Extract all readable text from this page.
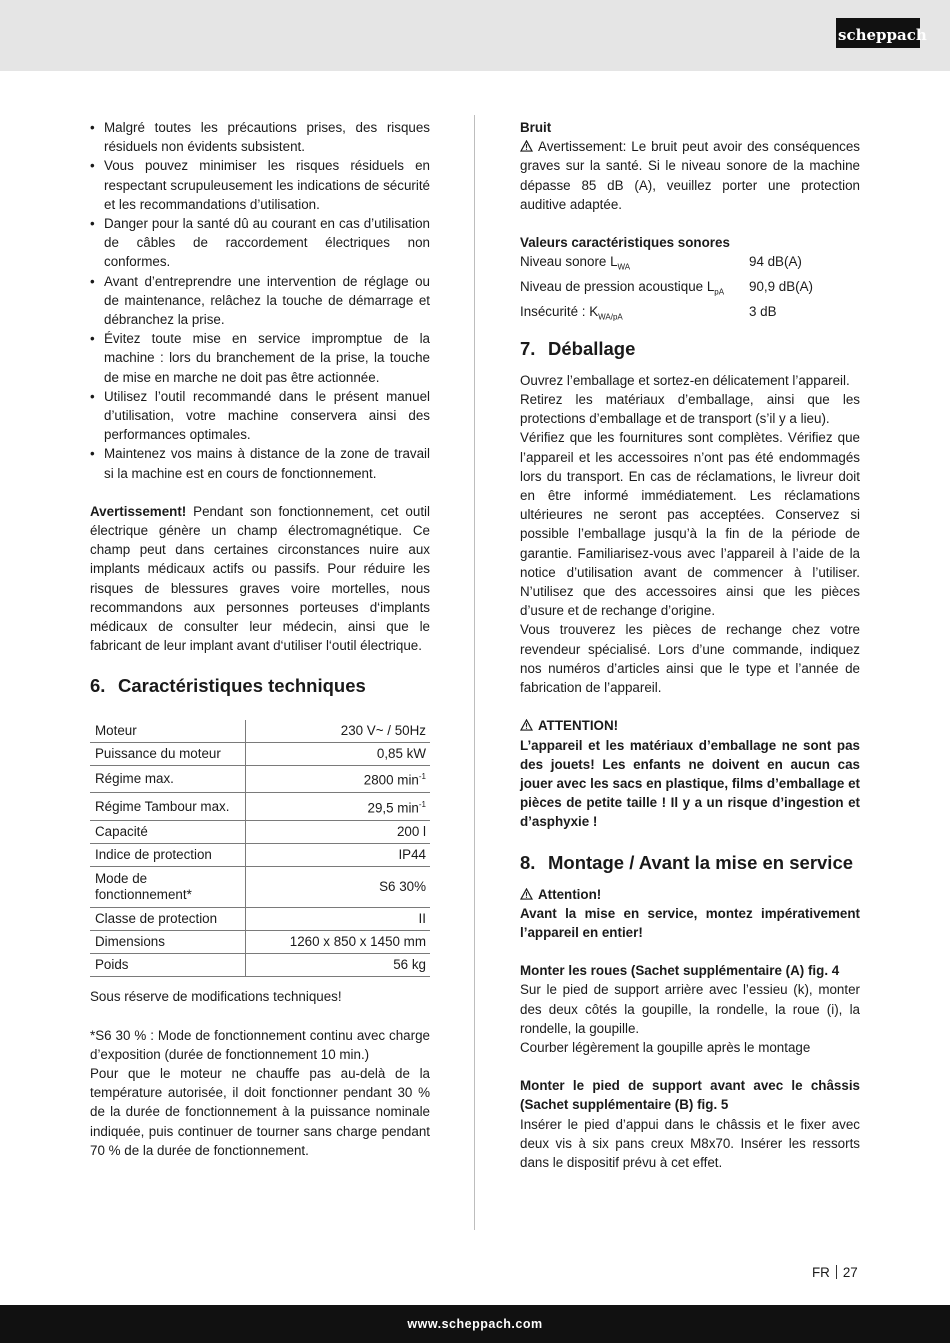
scheppach
• Malgré toutes les précautions prises, des risques résiduels non évidents subsistent.
• Vous pouvez minimiser les risques résiduels en respectant scrupuleusement les indications de sécurité et les recommandations d’utilisation.
• Danger pour la santé dû au courant en cas d’utilisation de câbles de raccordement électriques non conformes.
• Avant d’entreprendre une intervention de réglage ou de maintenance, relâchez la touche de démarrage et débranchez la prise.
• Évitez toute mise en service impromptue de la machine : lors du branchement de la prise, la touche de mise en marche ne doit pas être actionnée.
• Utilisez l’outil recommandé dans le présent manuel d’utilisation, votre machine conservera ainsi des performances optimales.
• Maintenez vos mains à distance de la zone de travail si la machine est en cours de fonctionnement.

Avertissement! Pendant son fonctionnement, cet outil électrique génère un champ électromagnétique. Ce champ peut dans certaines circonstances nuire aux implants médicaux actifs ou passifs. Pour réduire les risques de blessures graves voire mortelles, nous recommandons aux personnes porteuses d‘implants médicaux de consulter leur médecin, ainsi que le fabricant de leur implant avant d‘utiliser l‘outil électrique.

6. Caractéristiques techniques
Moteur	230 V~ / 50Hz
Puissance du moteur	0,85 kW
Régime max.	2800 $\min^{-1}$
Régime Tambour max.	29,5 $\min^{-1}$
Capacité	200 l
Indice de protection	IP44
Mode de fonctionnement*	S6 30%
Classe de protection	II
Dimensions	1260 x 850 x 1450 mm
Poids	56 kg

Sous réserve de modifications techniques!

*S6 30 % : Mode de fonctionnement continu avec charge d’exposition (durée de fonctionnement 10 min.)

Pour que le moteur ne chauffe pas au-delà de la température autorisée, il doit fonctionner pendant 30 % de la durée de fonctionnement à la puissance nominale indiquée, puis continuer de tourner sans charge pendant 70 % de la durée de fonctionnement.

Bruit

Avertissement: Le bruit peut avoir des conséquences graves sur la santé. Si le niveau sonore de la machine dépasse 85 dB (A), veuillez porter une protection auditive adaptée.

Valeurs caractéristiques sonores

Niveau sonore $L_{WA}$	94 dB(A)
Niveau de pression acoustique $L_{pA}$	90,9 dB(A)
Insécurité : $K_{WA/pA}$	3 dB
7. Déballage

Ouvrez l’emballage et sortez-en délicatement l’appareil.

Retirez les matériaux d’emballage, ainsi que les protections d’emballage et de transport (s’il y a lieu).

Vérifiez que les fournitures sont complètes. Vérifiez que l’appareil et les accessoires n’ont pas été endommagés lors du transport. En cas de réclamations, le livreur doit en être informé immédiatement. Les réclamations ultérieures ne seront pas acceptées. Conservez si possible l’emballage jusqu’à la fin de la période de garantie. Familiarisez-vous avec l’appareil à l’aide de la notice d’utilisation avant de commencer à l’utiliser. N’utilisez que des accessoires ainsi que les pièces d’usure et de rechange d’origine.

Vous trouverez les pièces de rechange chez votre revendeur spécialisé. Lors d’une commande, indiquez nos numéros d’articles ainsi que le type et l’année de fabrication de l’appareil.

ATTENTION!

L’appareil et les matériaux d’emballage ne sont pas des jouets! Les enfants ne doivent en aucun cas jouer avec les sacs en plastique, films d’emballage et pièces de petite taille ! Il y a un risque d’ingestion et d’asphyxie !

8. Montage / Avant la mise en service

Attention!

Avant la mise en service, montez impérativement l’appareil en entier!

Monter les roues (Sachet supplémentaire (A) fig. 4

Sur le pied de support arrière avec l’essieu (k), monter des deux côtés la goupille, la rondelle, la roue (i), la rondelle, la goupille.

Courber légèrement la goupille après le montage

Monter le pied de support avant avec le châssis (Sachet supplémentaire (B) fig. 5

Insérer le pied d’appui dans le châssis et le fixer avec deux vis à six pans creux M8x70. Insérer les ressorts dans le dispositif prévu à cet effet.

FR 27
www.scheppach.com
